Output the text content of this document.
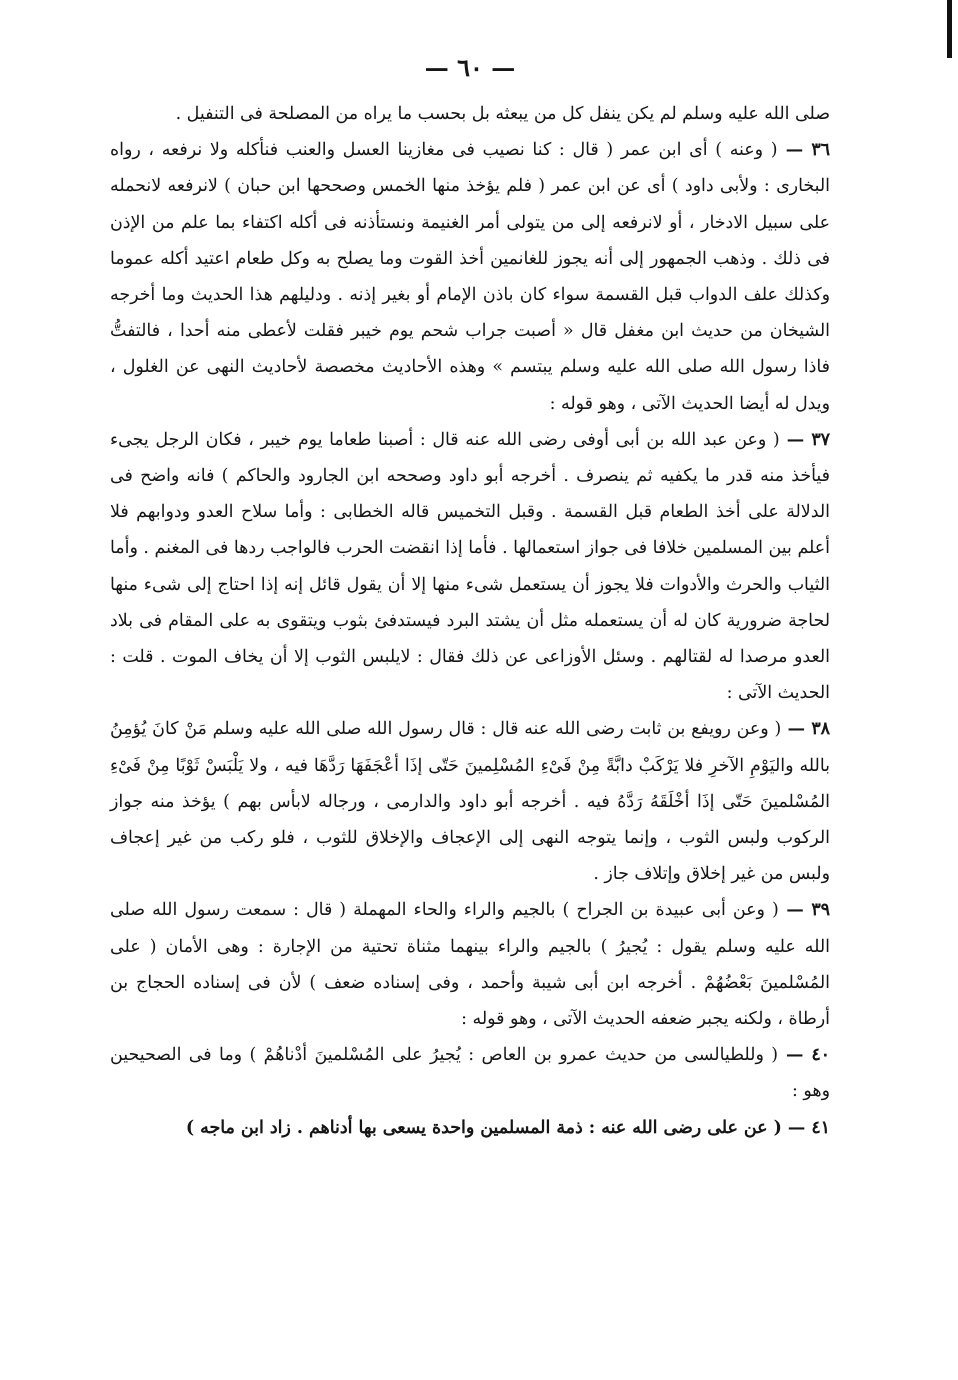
— ٦٠ —

صلى الله عليه وسلم لم يكن ينفل كل من يبعثه بل بحسب ما يراه من المصلحة فى التنفيل .

٣٦ — ( وعنه ) أى ابن عمر ( قال : كنا نصيب فى مغازينا العسل والعنب فنأكله ولا نرفعه ، رواه البخارى : ولأبى داود ) أى عن ابن عمر ( فلم يؤخذ منها الخمس وصححها ابن حبان ) لانرفعه لانحمله على سبيل الادخار ، أو لانرفعه إلى من يتولى أمر الغنيمة ونستأذنه فى أكله اكتفاء بما علم من الإذن فى ذلك . وذهب الجمهور إلى أنه يجوز للغانمين أخذ القوت وما يصلح به وكل طعام اعتيد أكله عموما وكذلك علف الدواب قبل القسمة سواء كان باذن الإمام أو بغير إذنه . ودليلهم هذا الحديث وما أخرجه الشيخان من حديث ابن مغفل قال « أصبت جراب شحم يوم خيبر فقلت لأعطى منه أحدا ، فالتفتُّ فاذا رسول الله صلى الله عليه وسلم يبتسم » وهذه الأحاديث مخصصة لأحاديث النهى عن الغلول ، ويدل له أيضا الحديث الآتى ، وهو قوله :

٣٧ — ( وعن عبد الله بن أبى أوفى رضى الله عنه قال : أصبنا طعاما يوم خيبر ، فكان الرجل يجىء فيأخذ منه قدر ما يكفيه ثم ينصرف . أخرجه أبو داود وصححه ابن الجارود والحاكم ) فانه واضح فى الدلالة على أخذ الطعام قبل القسمة . وقبل التخميس قاله الخطابى : وأما سلاح العدو ودوابهم فلا أعلم بين المسلمين خلافا فى جواز استعمالها . فأما إذا انقضت الحرب فالواجب ردها فى المغنم . وأما الثياب والحرث والأدوات فلا يجوز أن يستعمل شىء منها إلا أن يقول قائل إنه إذا احتاج إلى شىء منها لحاجة ضرورية كان له أن يستعمله مثل أن يشتد البرد فيستدفئ بثوب ويتقوى به على المقام فى بلاد العدو مرصدا له لقتالهم . وسئل الأوزاعى عن ذلك فقال : لايلبس الثوب إلا أن يخاف الموت . قلت : الحديث الآتى :

٣٨ — ( وعن رويفع بن ثابت رضى الله عنه قال : قال رسول الله صلى الله عليه وسلم مَنْ كانَ يُؤمِنُ بالله واليَوْمِ الآخرِ فلا يَرْكَبْ دابَّةً مِنْ فَىْءِ المُسْلِمينَ حَتّى إذَا أعْجَفَهَا رَدَّهَا فيه ، ولا يَلْبَسْ ثَوْبًا مِنْ فَىْءِ المُسْلمينَ حَتّى إذَا أخْلَقَهُ رَدَّهُ فيه . أخرجه أبو داود والدارمى ، ورجاله لابأس بهم ) يؤخذ منه جواز الركوب ولبس الثوب ، وإنما يتوجه النهى إلى الإعجاف والإخلاق للثوب ، فلو ركب من غير إعجاف ولبس من غير إخلاق وإتلاف جاز .

٣٩ — ( وعن أبى عبيدة بن الجراح ) بالجيم والراء والحاء المهملة ( قال : سمعت رسول الله صلى الله عليه وسلم يقول : يُجيرُ ) بالجيم والراء بينهما مثناة تحتية من الإجارة : وهى الأمان ( على المُسْلمينَ بَعْضُهُمْ . أخرجه ابن أبى شيبة وأحمد ، وفى إسناده ضعف ) لأن فى إسناده الحجاج بن أرطاة ، ولكنه يجبر ضعفه الحديث الآتى ، وهو قوله :

٤٠ — ( وللطيالسى من حديث عمرو بن العاص : يُجيرُ على المُسْلمينَ أدْناهُمْ ) وما فى الصحيحين وهو :

٤١ — ( عن على رضى الله عنه : ذمة المسلمين واحدة يسعى بها أدناهم . زاد ابن ماجه )
